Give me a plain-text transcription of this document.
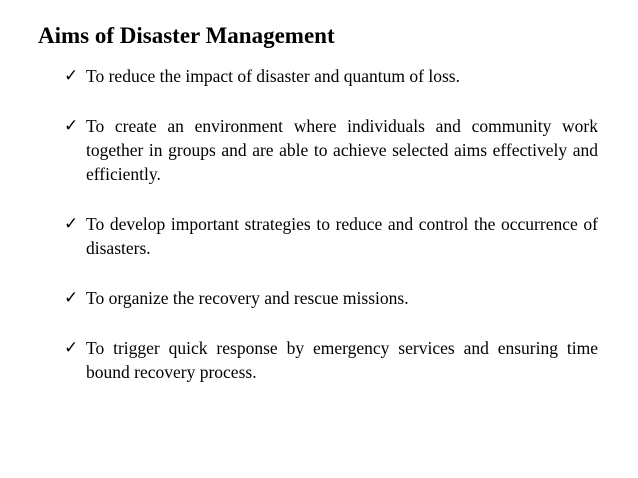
Aims of Disaster Management
✓ To reduce the impact of disaster and quantum of loss.
✓ To create an environment where individuals and community work together in groups and are able to achieve selected aims effectively and efficiently.
✓ To develop important strategies to reduce and control the occurrence of disasters.
✓ To organize the recovery and rescue missions.
✓ To trigger quick response by emergency services and ensuring time bound recovery process.
